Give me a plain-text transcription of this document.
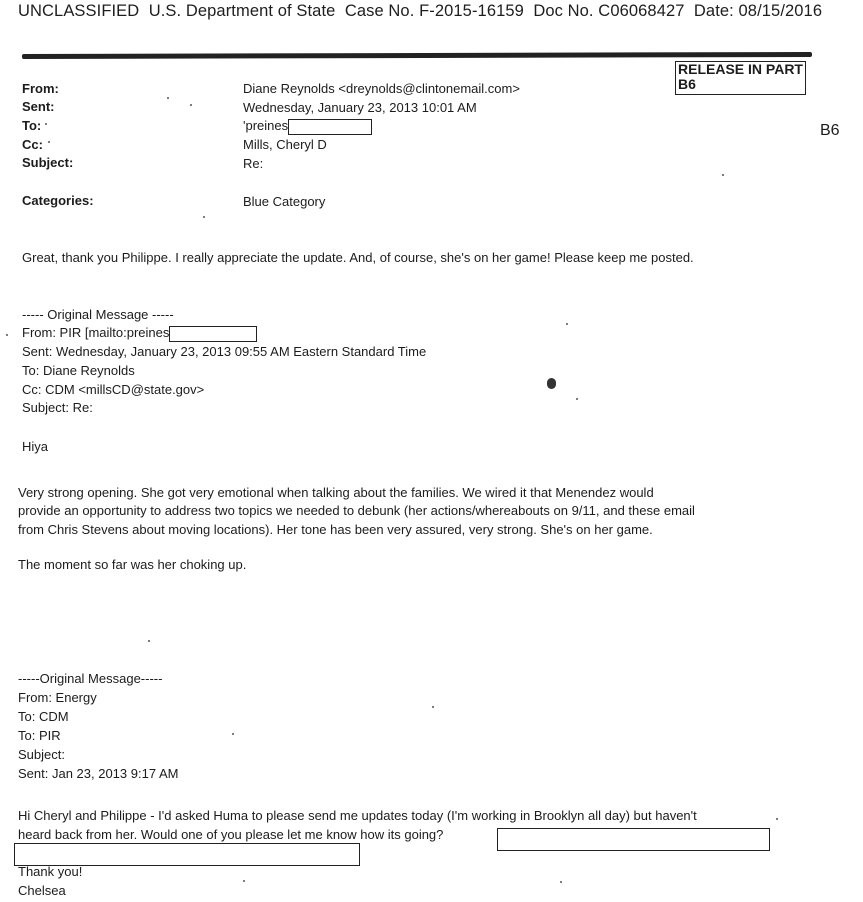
UNCLASSIFIED U.S. Department of State Case No. F-2015-16159 Doc No. C06068427 Date: 08/15/2016
RELEASE IN PART
B6
B6
From:	Diane Reynolds <dreynolds@clintonemail.com>
Sent:	Wednesday, January 23, 2013 10:01 AM
To:	'preines
Cc:	Mills, Cheryl D
Subject:	Re:
Categories:	Blue Category
Great, thank you Philippe. I really appreciate the update. And, of course, she's on her game! Please keep me posted.
----- Original Message -----
From: PIR [mailto:preines
Sent: Wednesday, January 23, 2013 09:55 AM Eastern Standard Time
To: Diane Reynolds
Cc: CDM <millsCD@state.gov>
Subject: Re:
Hiya
Very strong opening. She got very emotional when talking about the families. We wired it that Menendez would
provide an opportunity to address two topics we needed to debunk (her actions/whereabouts on 9/11, and these email
from Chris Stevens about moving locations). Her tone has been very assured, very strong. She's on her game.
The moment so far was her choking up.
-----Original Message-----
From: Energy
To: CDM
To: PIR
Subject:
Sent: Jan 23, 2013 9:17 AM
Hi Cheryl and Philippe - I'd asked Huma to please send me updates today (I'm working in Brooklyn all day) but haven't
heard back from her. Would one of you please let me know how its going?
Thank you!
Chelsea
